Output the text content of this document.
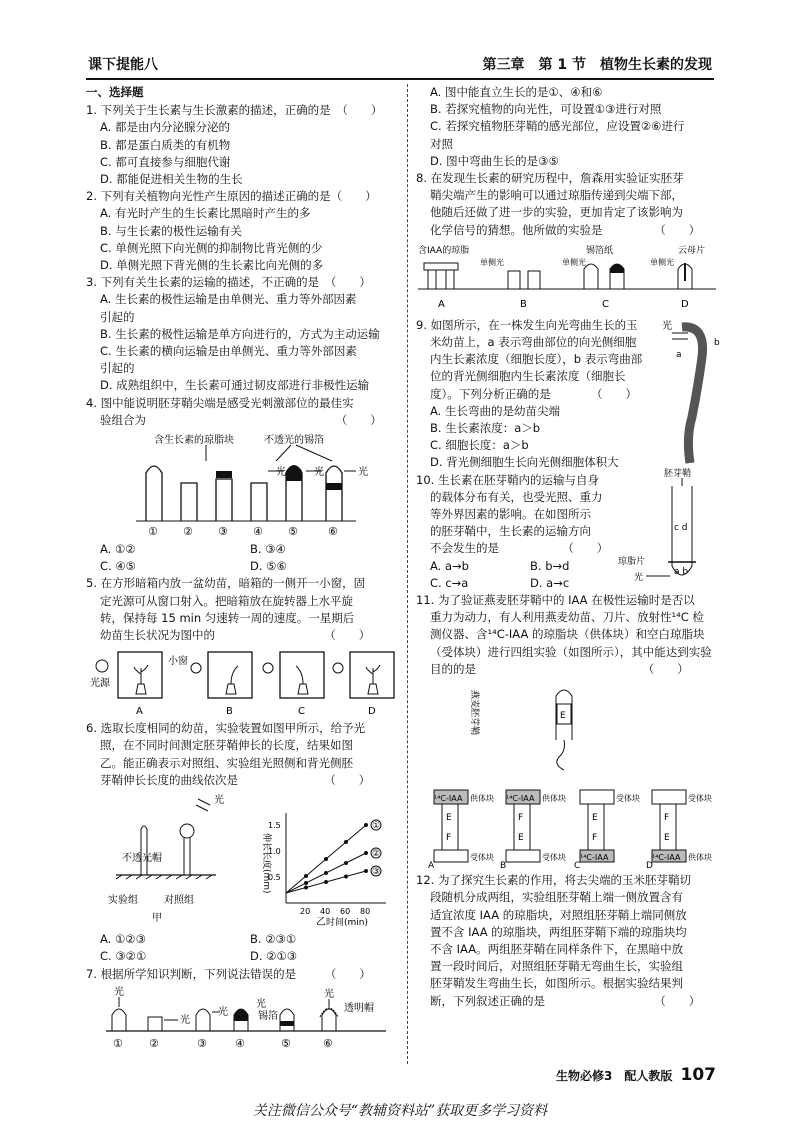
课下提能八	第三章　第 1 节　植物生长素的发现
一、选择题
1. 下列关于生长素与生长激素的描述，正确的是　（　　）
A. 都是由内分泌腺分泌的
B. 都是蛋白质类的有机物
C. 都可直接参与细胞代谢
D. 都能促进相关生物的生长
2. 下列有关植物向光性产生原因的描述正确的是（　　）
A. 有光时产生的生长素比黑暗时产生的多
B. 与生长素的极性运输有关
C. 单侧光照下向光侧的抑制物比背光侧的少
D. 单侧光照下背光侧的生长素比向光侧的多
3. 下列有关生长素的运输的描述，不正确的是　（　　）
A. 生长素的极性运输是由单侧光、重力等外部因素
引起的
B. 生长素的极性运输是单方向进行的，方式为主动运输
C. 生长素的横向运输是由单侧光、重力等外部因素
引起的
D. 成熟组织中，生长素可通过韧皮部进行非极性运输
4. 图中能说明胚芽鞘尖端是感受光刺激部位的最佳实
验组合为　　　　　　　　　　　　　　　　　（　　）
含生长素的琼脂块	不透光的锡箔
光	光	光
① ② ③ ④ ⑤	⑥
A. ①②	B. ③④
C. ④⑤	D. ⑤⑥
5. 在方形暗箱内放一盆幼苗，暗箱的一侧开一小窗，固
定光源可从窗口射入。把暗箱放在旋转器上水平旋
转，保持每 15 min 匀速转一周的速度。一星期后
幼苗生长状况为图中的　　　　　　　　　　（　　）
光源
小窗
A	B	C	D
6. 选取长度相同的幼苗，实验装置如图甲所示，给予光
照，在不同时间测定胚芽鞘伸长的长度，结果如图
乙。能正确表示对照组、实验组光照侧和背光侧胚
芽鞘伸长长度的曲线依次是　　　　　　　　（　　）
光
不透光帽
实验组	对照组
甲
伸长长度(mm)
时间(min)
0.5
1.0
1.5
20 40 60 80
①
②
③
乙
A. ①②③	B. ②③①
C. ③②①	D. ②①③
7. 根据所学知识判断，下列说法错误的是　　　（　　）
光
光
光
光
锡箔
光
透明帽
① ②	③	④	⑤	⑥
A. 图中能直立生长的是①、④和⑥
B. 若探究植物的向光性，可设置①③进行对照
C. 若探究植物胚芽鞘的感光部位，应设置②⑥进行
对照
D. 图中弯曲生长的是③⑤
8. 在发现生长素的研究历程中，詹森用实验证实胚芽
鞘尖端产生的影响可以通过琼脂传递到尖端下部，
他随后还做了进一步的实验，更加肯定了该影响为
化学信号的猜想。他所做的实验是　　　　　（　　）
含IAA的琼脂
单侧光
锡箔纸
单侧光
云母片
单侧光
A	B	C	D
9. 如图所示，在一株发生向光弯曲生长的玉
米幼苗上，a 表示弯曲部位的向光侧细胞
内生长素浓度（细胞长度），b 表示弯曲部
位的背光侧细胞内生长素浓度（细胞长
度）。下列分析正确的是　　　　（　　）
A. 生长弯曲的是幼苗尖端
B. 生长素浓度：a＞b
C. 细胞长度：a＞b
D. 背光侧细胞生长向光侧细胞体积大
光
a
b
10. 生长素在胚芽鞘内的运输与自身
的载体分布有关，也受光照、重力
等外界因素的影响。在如图所示
的胚芽鞘中，生长素的运输方向
不会发生的是　　　　　　（　　）
A. a→b	B. b→d
C. c→a	D. a→c
胚芽鞘
c d
琼脂片
a b
光
11. 为了验证燕麦胚芽鞘中的 IAA 在极性运输时是否以
重力为动力，有人利用燕麦幼苗、刀片、放射性¹⁴C 检
测仪器、含¹⁴C-IAA 的琼脂块（供体块）和空白琼脂块
（受体块）进行四组实验（如图所示），其中能达到实验
目的的是　　　　　　　　　　　　　　　（　　）
燕麦胚芽鞘	E
¹⁴C-IAA
E
F
供体块
受体块
A
¹⁴C-IAA
F
E
供体块
受体块
B
E
F
¹⁴C-IAA
受体块
C
F
E
¹⁴C-IAA
受体块
供体块
D
12. 为了探究生长素的作用，将去尖端的玉米胚芽鞘切
段随机分成两组，实验组胚芽鞘上端一侧放置含有
适宜浓度 IAA 的琼脂块，对照组胚芽鞘上端同侧放
置不含 IAA 的琼脂块，两组胚芽鞘下端的琼脂块均
不含 IAA。两组胚芽鞘在同样条件下，在黑暗中放
置一段时间后，对照组胚芽鞘无弯曲生长，实验组
胚芽鞘发生弯曲生长，如图所示。根据实验结果判
断，下列叙述正确的是　　　　　　　　　　（　　）
生物必修3　配人教版 107
关注微信公众号“教辅资料站”获取更多学习资料
